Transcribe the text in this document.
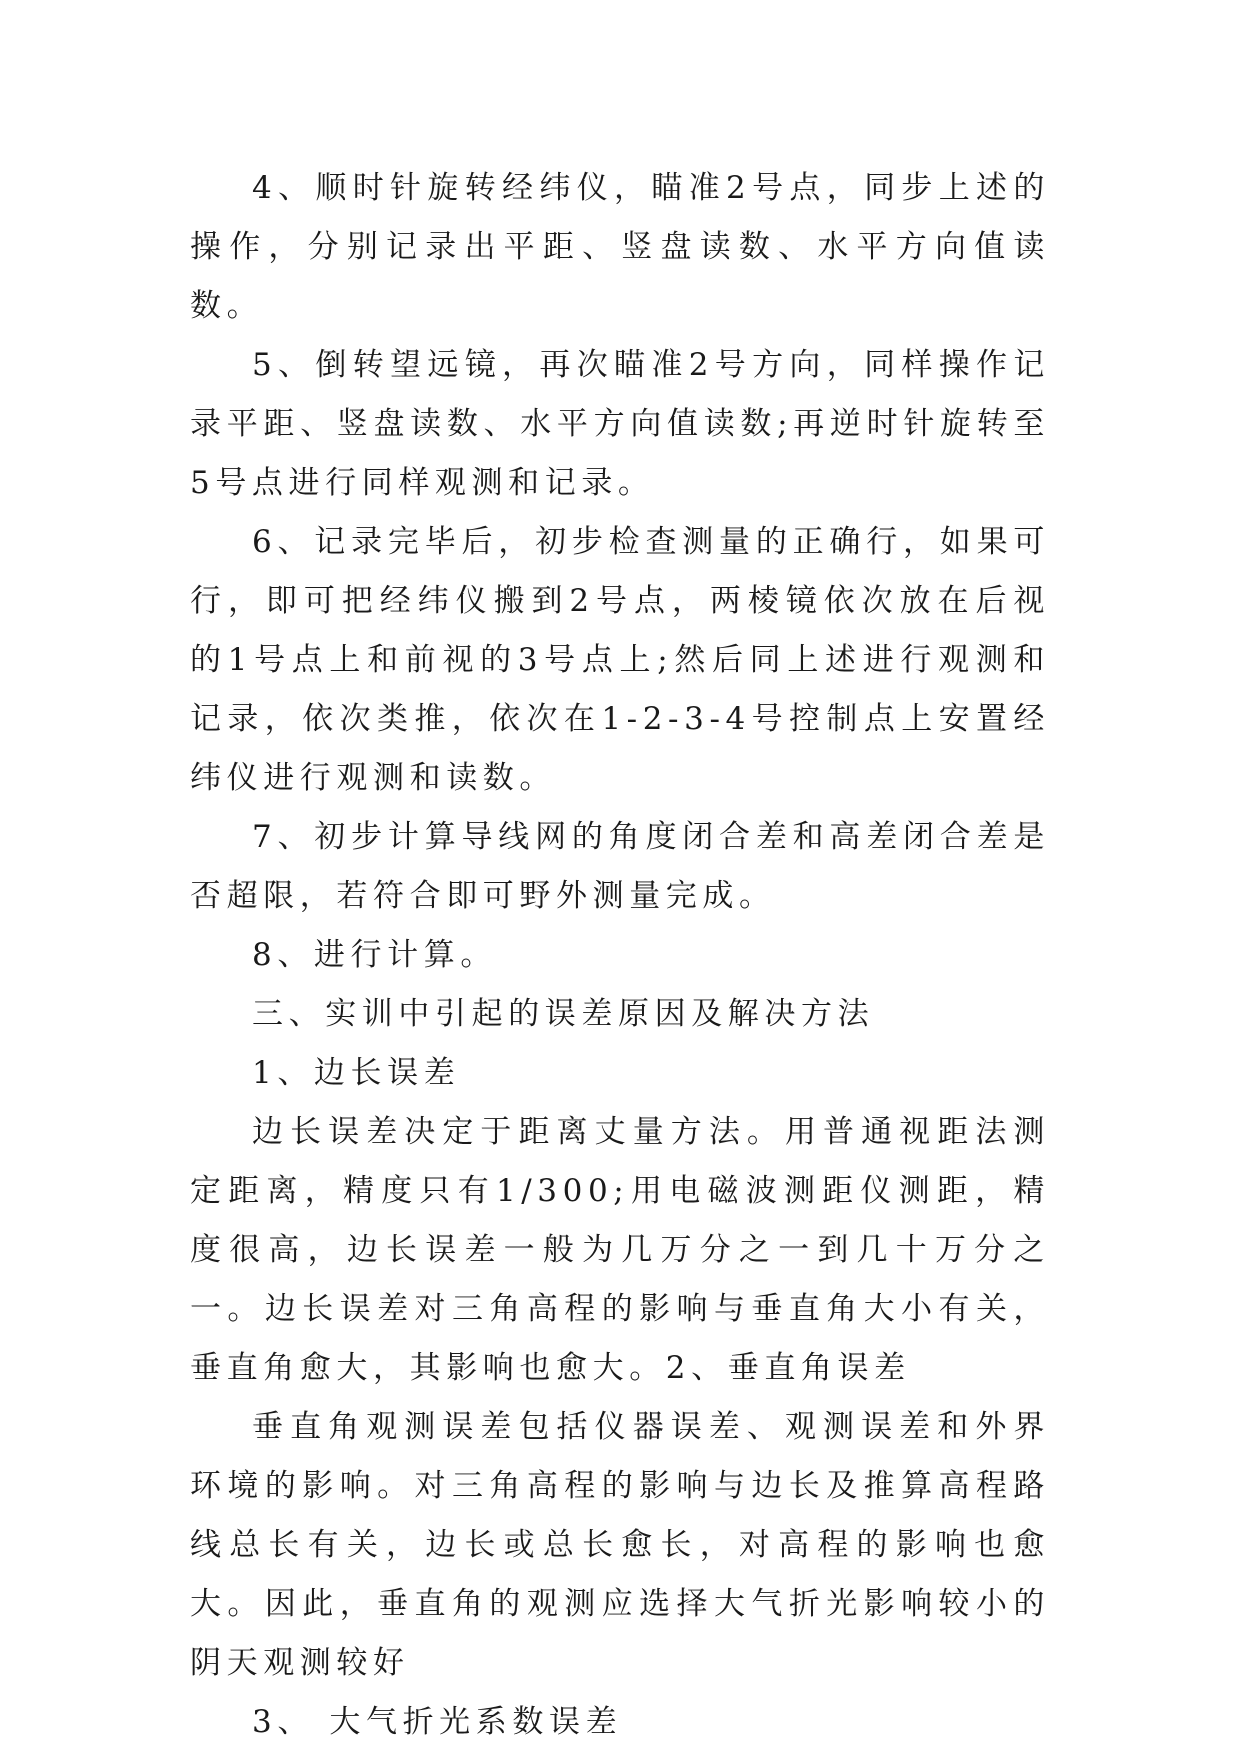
4、顺时针旋转经纬仪，瞄准2号点，同步上述的操作，分别记录出平距、竖盘读数、水平方向值读数。

5、倒转望远镜，再次瞄准2号方向，同样操作记录平距、竖盘读数、水平方向值读数;再逆时针旋转至5号点进行同样观测和记录。

6、记录完毕后，初步检查测量的正确行，如果可行，即可把经纬仪搬到2号点，两棱镜依次放在后视的1号点上和前视的3号点上;然后同上述进行观测和记录，依次类推，依次在1-2-3-4号控制点上安置经纬仪进行观测和读数。

7、初步计算导线网的角度闭合差和高差闭合差是否超限，若符合即可野外测量完成。

8、进行计算。

三、实训中引起的误差原因及解决方法

1、边长误差

边长误差决定于距离丈量方法。用普通视距法测定距离，精度只有1/300;用电磁波测距仪测距，精度很高，边长误差一般为几万分之一到几十万分之一。边长误差对三角高程的影响与垂直角大小有关，垂直角愈大，其影响也愈大。2、垂直角误差

垂直角观测误差包括仪器误差、观测误差和外界环境的影响。对三角高程的影响与边长及推算高程路线总长有关，边长或总长愈长，对高程的影响也愈大。因此，垂直角的观测应选择大气折光影响较小的阴天观测较好

3、 大气折光系数误差
